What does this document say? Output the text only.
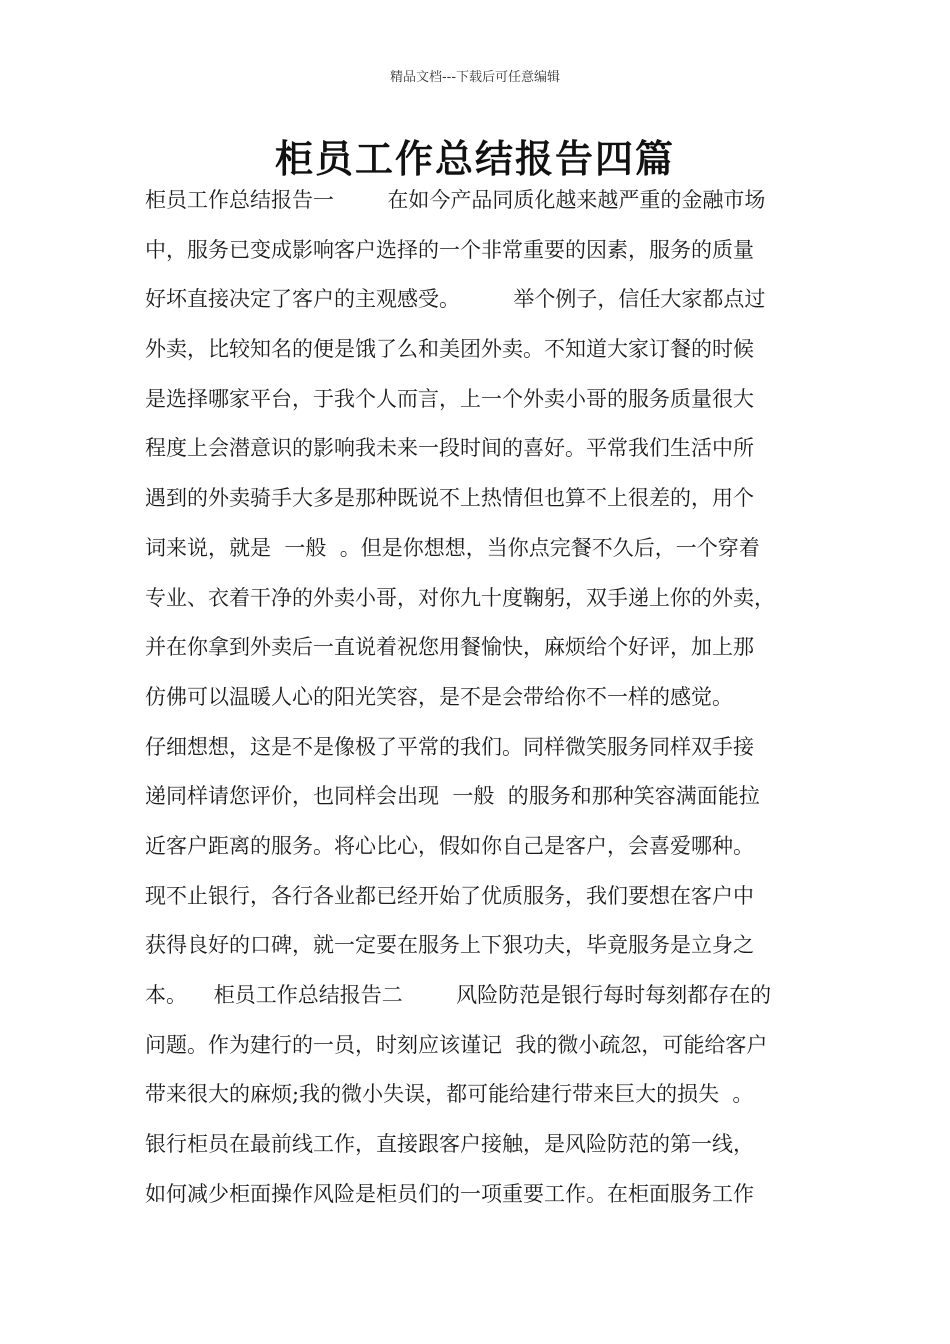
精品文档---下载后可任意编辑
柜员工作总结报告四篇
柜员工作总结报告一        在如今产品同质化越来越严重的金融市场
中，服务已变成影响客户选择的一个非常重要的因素，服务的质量
好坏直接决定了客户的主观感受。        举个例子，信任大家都点过
外卖，比较知名的便是饿了么和美团外卖。不知道大家订餐的时候
是选择哪家平台，于我个人而言，上一个外卖小哥的服务质量很大
程度上会潜意识的影响我未来一段时间的喜好。平常我们生活中所
遇到的外卖骑手大多是那种既说不上热情但也算不上很差的，用个
词来说，就是  一般  。但是你想想，当你点完餐不久后，一个穿着
专业、衣着干净的外卖小哥，对你九十度鞠躬，双手递上你的外卖，
并在你拿到外卖后一直说着祝您用餐愉快，麻烦给个好评，加上那
仿佛可以温暖人心的阳光笑容，是不是会带给你不一样的感觉。
仔细想想，这是不是像极了平常的我们。同样微笑服务同样双手接
递同样请您评价，也同样会出现  一般  的服务和那种笑容满面能拉
近客户距离的服务。将心比心，假如你自己是客户，会喜爱哪种。
现不止银行，各行各业都已经开始了优质服务，我们要想在客户中
获得良好的口碑，就一定要在服务上下狠功夫，毕竟服务是立身之
本。    柜员工作总结报告二        风险防范是银行每时每刻都存在的
问题。作为建行的一员，时刻应该谨记  我的微小疏忽，可能给客户
带来很大的麻烦;我的微小失误，都可能给建行带来巨大的损失  。
银行柜员在最前线工作，直接跟客户接触，是风险防范的第一线，
如何减少柜面操作风险是柜员们的一项重要工作。在柜面服务工作
